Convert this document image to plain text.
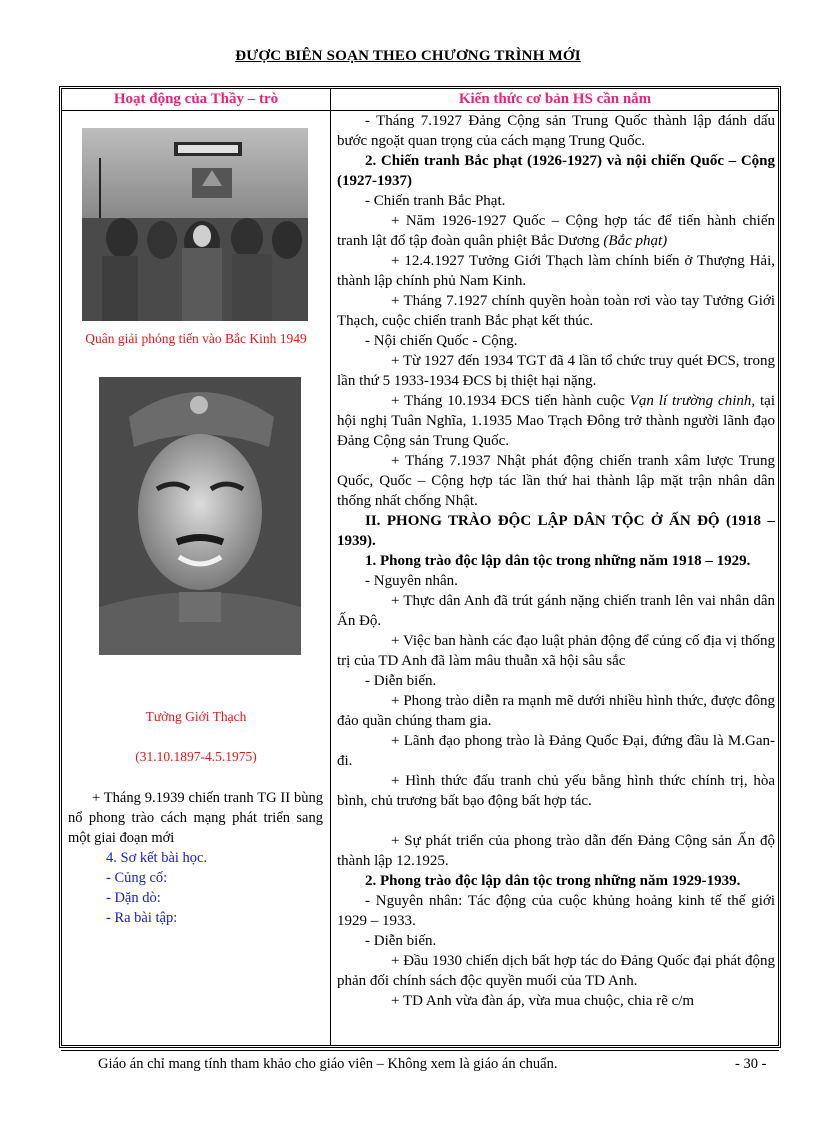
ĐƯỢC BIÊN SOẠN THEO CHƯƠNG TRÌNH MỚI
Hoạt động của Thầy – trò	Kiến thức cơ bản HS cần nắm
Quân giải phóng tiến vào Bắc Kinh 1949
Tưởng Giới Thạch
(31.10.1897-4.5.1975)
+ Tháng 9.1939 chiến tranh TG II bùng nổ phong trào cách mạng phát triển sang một giai đoạn mới
4. Sơ kết bài học.
- Củng cố:
- Dặn dò:
- Ra bài tập:

- Tháng 7.1927 Đảng Cộng sản Trung Quốc thành lập đánh dấu bước ngoặt quan trọng của cách mạng Trung Quốc.

2. Chiến tranh Bắc phạt (1926-1927) và nội chiến Quốc – Cộng (1927-1937)

- Chiến tranh Bắc Phạt.

+ Năm 1926-1927 Quốc – Cộng hợp tác để tiến hành chiến tranh lật đổ tập đoàn quân phiệt Bắc Dương (Bắc phạt)

+ 12.4.1927 Tưởng Giới Thạch làm chính biến ở Thượng Hải, thành lập chính phủ Nam Kinh.

+ Tháng 7.1927 chính quyền hoàn toàn rơi vào tay Tưởng Giới Thạch, cuộc chiến tranh Bắc phạt kết thúc.

- Nội chiến Quốc - Cộng.

+ Từ 1927 đến 1934 TGT đã 4 lần tổ chức truy quét ĐCS, trong lần thứ 5 1933-1934 ĐCS bị thiệt hại nặng.

+ Tháng 10.1934 ĐCS tiến hành cuộc Vạn lí trường chinh, tại hội nghị Tuân Nghĩa, 1.1935 Mao Trạch Đông trở thành người lãnh đạo Đảng Cộng sản Trung Quốc.

+ Tháng 7.1937 Nhật phát động chiến tranh xâm lược Trung Quốc, Quốc – Cộng hợp tác lần thứ hai thành lập mặt trận nhân dân thống nhất chống Nhật.

II. PHONG TRÀO ĐỘC LẬP DÂN TỘC Ở ẤN ĐỘ (1918 – 1939).

1. Phong trào độc lập dân tộc trong những năm 1918 – 1929.

- Nguyên nhân.

+ Thực dân Anh đã trút gánh nặng chiến tranh lên vai nhân dân Ấn Độ.

+ Việc ban hành các đạo luật phản động để củng cố địa vị thống trị của TD Anh đã làm mâu thuẫn xã hội sâu sắc

- Diễn biến.

+ Phong trào diễn ra mạnh mẽ dưới nhiều hình thức, được đông đảo quần chúng tham gia.

+ Lãnh đạo phong trào là Đảng Quốc Đại, đứng đầu là M.Gan-đi.

+ Hình thức đấu tranh chủ yếu bằng hình thức chính trị, hòa bình, chủ trương bất bạo động bất hợp tác.

+ Sự phát triển của phong trào dẫn đến Đảng Cộng sản Ấn độ thành lập 12.1925.

2. Phong trào độc lập dân tộc trong những năm 1929-1939.

- Nguyên nhân: Tác động của cuộc khủng hoảng kinh tế thế giới 1929 – 1933.

- Diễn biến.

+ Đầu 1930 chiến dịch bất hợp tác do Đảng Quốc đại phát động phản đối chính sách độc quyền muối của TD Anh.

+ TD Anh vừa đàn áp, vừa mua chuộc, chia rẽ c/m

Giáo án chỉ mang tính tham khảo cho giáo viên – Không xem là giáo án chuẩn.	- 30 -
